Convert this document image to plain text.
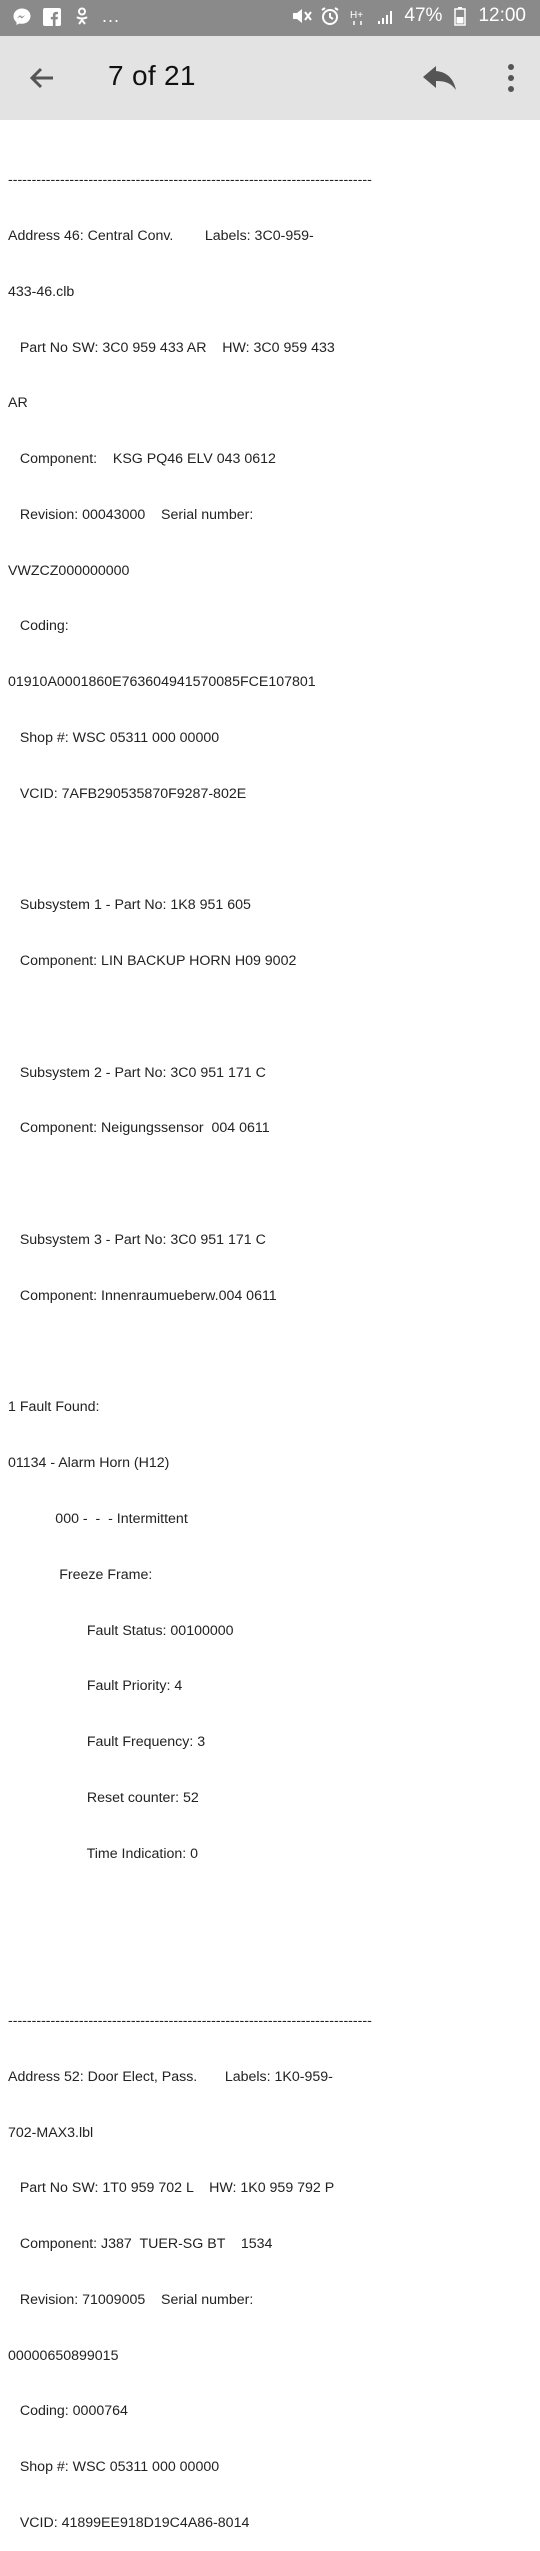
...	H+ 47% 12:00
7 of 21

-----------------------------------------------------------------------------

Address 46: Central Conv.        Labels: 3C0-959-

433-46.clb

Part No SW: 3C0 959 433 AR    HW: 3C0 959 433

AR

Component:    KSG PQ46 ELV 043 0612

Revision: 00043000    Serial number:

VWZCZ000000000

Coding:

01910A0001860E763604941570085FCE107801

Shop #: WSC 05311 000 00000

VCID: 7AFB290535870F9287-802E

Subsystem 1 - Part No: 1K8 951 605

Component: LIN BACKUP HORN H09 9002

Subsystem 2 - Part No: 3C0 951 171 C

Component: Neigungssensor  004 0611

Subsystem 3 - Part No: 3C0 951 171 C

Component: Innenraumueberw.004 0611

1 Fault Found:

01134 - Alarm Horn (H12)

000 -  -  - Intermittent

Freeze Frame:

Fault Status: 00100000

Fault Priority: 4

Fault Frequency: 3

Reset counter: 52

Time Indication: 0

-----------------------------------------------------------------------------

Address 52: Door Elect, Pass.       Labels: 1K0-959-

702-MAX3.lbl

Part No SW: 1T0 959 702 L    HW: 1K0 959 792 P

Component: J387  TUER-SG BT    1534

Revision: 71009005    Serial number:

00000650899015

Coding: 0000764

Shop #: WSC 05311 000 00000

VCID: 41899EE918D19C4A86-8014
